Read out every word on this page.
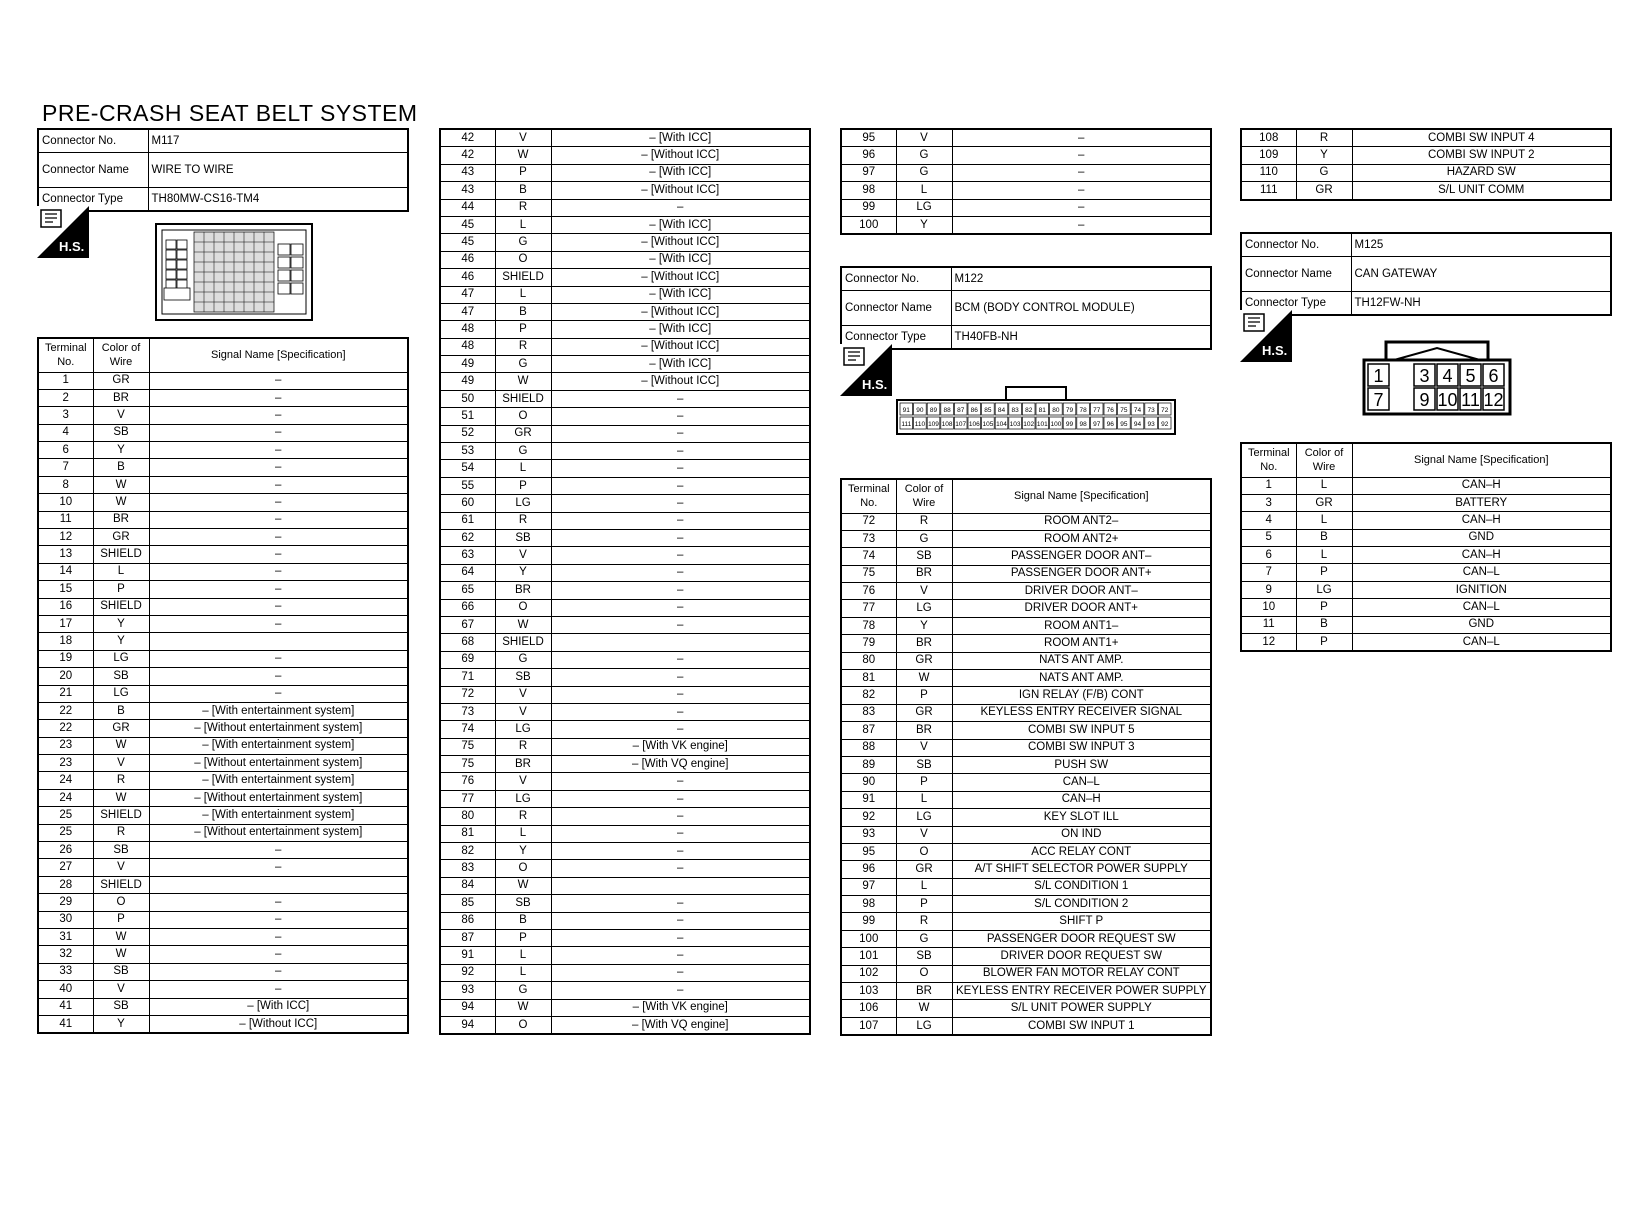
PRE-CRASH SEAT BELT SYSTEM
Connector No.	M117
Connector Name	WIRE TO WIRE
Connector Type	TH80MW-CS16-TM4
H.S.
Terminal No.	Color of Wire	Signal Name [Specification]
1	GR	–
2	BR	–
3	V	–
4	SB	–
6	Y	–
7	B	–
8	W	–
10	W	–
11	BR	–
12	GR	–
13	SHIELD	–
14	L	–
15	P	–
16	SHIELD	–
17	Y	–
18	Y	
19	LG	–
20	SB	–
21	LG	–
22	B	– [With entertainment system]
22	GR	– [Without entertainment system]
23	W	– [With entertainment system]
23	V	– [Without entertainment system]
24	R	– [With entertainment system]
24	W	– [Without entertainment system]
25	SHIELD	– [With entertainment system]
25	R	– [Without entertainment system]
26	SB	–
27	V	–
28	SHIELD	
29	O	–
30	P	–
31	W	–
32	W	–
33	SB	–
40	V	–
41	SB	– [With ICC]
41	Y	– [Without ICC]
42	V	– [With ICC]
42	W	– [Without ICC]
43	P	– [With ICC]
43	B	– [Without ICC]
44	R	–
45	L	– [With ICC]
45	G	– [Without ICC]
46	O	– [With ICC]
46	SHIELD	– [Without ICC]
47	L	– [With ICC]
47	B	– [Without ICC]
48	P	– [With ICC]
48	R	– [Without ICC]
49	G	– [With ICC]
49	W	– [Without ICC]
50	SHIELD	–
51	O	–
52	GR	–
53	G	–
54	L	–
55	P	–
60	LG	–
61	R	–
62	SB	–
63	V	–
64	Y	–
65	BR	–
66	O	–
67	W	–
68	SHIELD	
69	G	–
71	SB	–
72	V	–
73	V	–
74	LG	–
75	R	– [With VK engine]
75	BR	– [With VQ engine]
76	V	–
77	LG	–
80	R	–
81	L	–
82	Y	–
83	O	–
84	W	
85	SB	–
86	B	–
87	P	–
91	L	–
92	L	–
93	G	–
94	W	– [With VK engine]
94	O	– [With VQ engine]
95	V	–
96	G	–
97	G	–
98	L	–
99	LG	–
100	Y	–
Connector No.	M122
Connector Name	BCM (BODY CONTROL MODULE)
Connector Type	TH40FB-NH
H.S.
91 90 89 88 87 86 85 84 83 82 81 80 79 78 77 76 75 74 73 72
111 110 109 108 107 106 105 104 103 102 101 100 99 98 97 96 95 94 93 92
Terminal No.	Color of Wire	Signal Name [Specification]
72	R	ROOM ANT2–
73	G	ROOM ANT2+
74	SB	PASSENGER DOOR ANT–
75	BR	PASSENGER DOOR ANT+
76	V	DRIVER DOOR ANT–
77	LG	DRIVER DOOR ANT+
78	Y	ROOM ANT1–
79	BR	ROOM ANT1+
80	GR	NATS ANT AMP.
81	W	NATS ANT AMP.
82	P	IGN RELAY (F/B) CONT
83	GR	KEYLESS ENTRY RECEIVER SIGNAL
87	BR	COMBI SW INPUT 5
88	V	COMBI SW INPUT 3
89	SB	PUSH SW
90	P	CAN–L
91	L	CAN–H
92	LG	KEY SLOT ILL
93	V	ON IND
95	O	ACC RELAY CONT
96	GR	A/T SHIFT SELECTOR POWER SUPPLY
97	L	S/L CONDITION 1
98	P	S/L CONDITION 2
99	R	SHIFT P
100	G	PASSENGER DOOR REQUEST SW
101	SB	DRIVER DOOR REQUEST SW
102	O	BLOWER FAN MOTOR RELAY CONT
103	BR	KEYLESS ENTRY RECEIVER POWER SUPPLY
106	W	S/L UNIT POWER SUPPLY
107	LG	COMBI SW INPUT 1
108	R	COMBI SW INPUT 4
109	Y	COMBI SW INPUT 2
110	G	HAZARD SW
111	GR	S/L UNIT COMM
Connector No.	M125
Connector Name	CAN GATEWAY
Connector Type	TH12FW-NH
H.S.
1 3 4 5 6
7 9 10 11 12
Terminal No.	Color of Wire	Signal Name [Specification]
1	L	CAN–H
3	GR	BATTERY
4	L	CAN–H
5	B	GND
6	L	CAN–H
7	P	CAN–L
9	LG	IGNITION
10	P	CAN–L
11	B	GND
12	P	CAN–L
